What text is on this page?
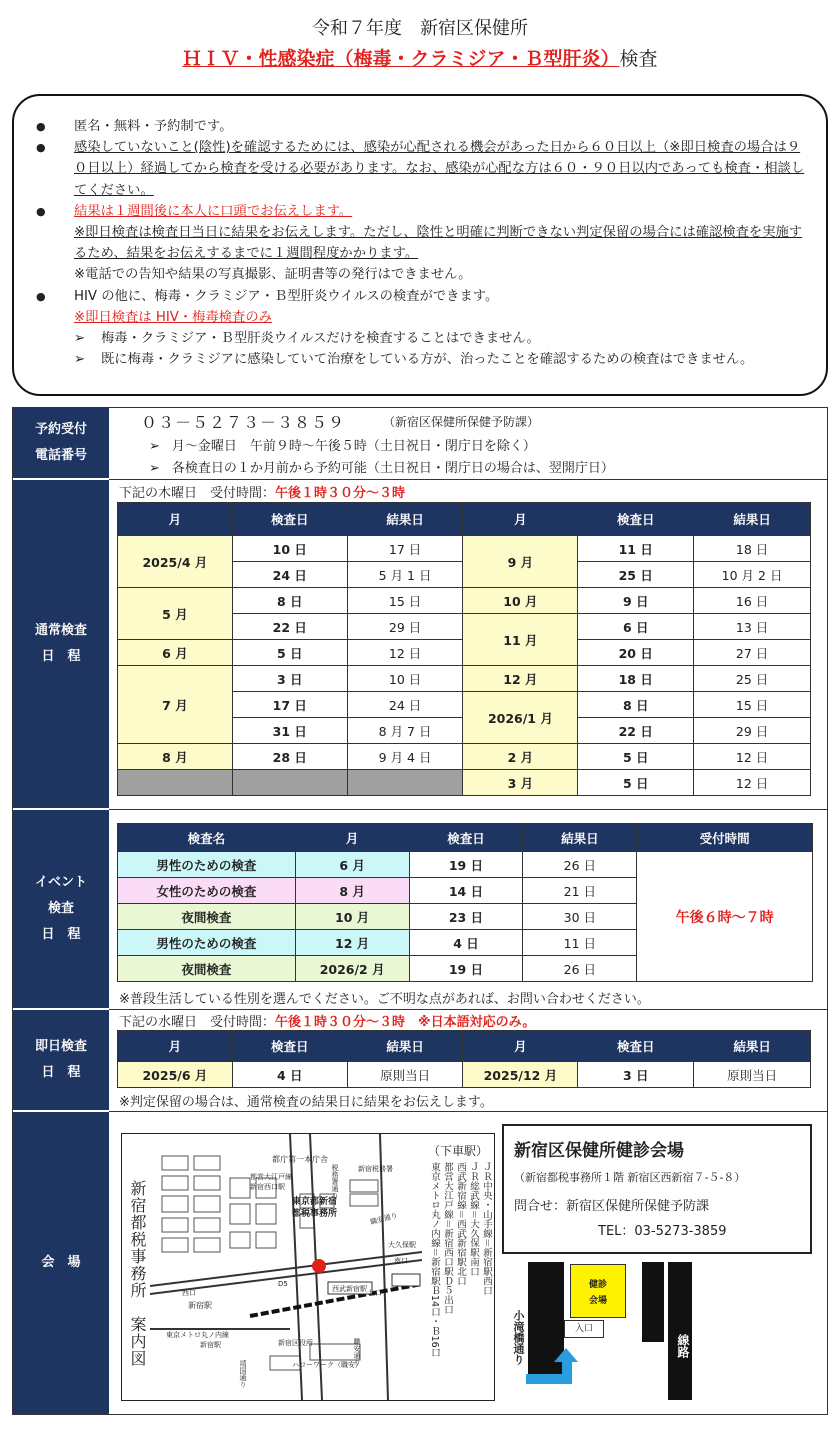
令和７年度　新宿区保健所
ＨＩＶ・性感染症（梅毒・クラミジア・Ｂ型肝炎）検査
●	匿名・無料・予約制です。
●	感染していないこと(陰性)を確認するためには、感染が心配される機会があった日から６０日以上（※即日検査の場合は９０日以上）経過してから検査を受ける必要があります。なお、感染が心配な方は６０・９０日以内であっても検査・相談してください。
●	結果は１週間後に本人に口頭でお伝えします。
※即日検査は検査日当日に結果をお伝えします。ただし、陰性と明確に判断できない判定保留の場合には確認検査を実施するため、結果をお伝えするまでに１週間程度かかります。
※電話での告知や結果の写真撮影、証明書等の発行はできません。
●	HIV の他に、梅毒・クラミジア・Ｂ型肝炎ウイルスの検査ができます。
※即日検査は HIV・梅毒検査のみ
➢	梅毒・クラミジア・Ｂ型肝炎ウイルスだけを検査することはできません。
➢	既に梅毒・クラミジアに感染していて治療をしている方が、治ったことを確認するための検査はできません。
予約受付
電話番号
０３－５２７３－３８５９	（新宿区保健所保健予防課）
➢ 月～金曜日　午前９時～午後５時（土日祝日・閉庁日を除く）
➢ 各検査日の１か月前から予約可能（土日祝日・閉庁日の場合は、翌開庁日）
通常検査
日　程
下記の木曜日　受付時間：午後１時３０分～３時
月	検査日	結果日	月	検査日	結果日
2025/4 月	10 日	17 日	9 月	11 日	18 日
	24 日	5 月 1 日		25 日	10 月 2 日
5 月	8 日	15 日	10 月	9 日	16 日
	22 日	29 日	11 月	6 日	13 日
6 月	5 日	12 日		20 日	27 日
7 月	3 日	10 日	12 月	18 日	25 日
	17 日	24 日	2026/1 月	8 日	15 日
	31 日	8 月 7 日		22 日	29 日
8 月	28 日	9 月 4 日	2 月	5 日	12 日
			3 月	5 日	12 日
イベント
検査
日　程
検査名	月	検査日	結果日	受付時間
男性のための検査	6 月	19 日	26 日	午後６時～７時
女性のための検査	8 月	14 日	21 日	
夜間検査	10 月	23 日	30 日	
男性のための検査	12 月	4 日	11 日	
夜間検査	2026/2 月	19 日	26 日	
※普段生活している性別を選んでください。ご不明な点があれば、お問い合わせください。
即日検査
日　程
下記の水曜日　受付時間：午後１時３０分～３時　※日本語対応のみ。
月	検査日	結果日	月	検査日	結果日
2025/6 月	4 日	原則当日	2025/12 月	3 日	原則当日
※判定保留の場合は、通常検査の結果日に結果をお伝えします。
会　場	新宿都税事務所　案内図
都庁第一本庁舎
都営大江戸線
新宿西口駅
東京都新宿
都税事務所
新宿税務署
職安通り
大久保駅
新宿駅
西口	西武新宿駅
東京メトロ丸ノ内線
新宿駅	新宿区役所
ハローワーク（職安）
靖国通り
職安通り
税務署通り
D5
北口
南口
（下車駅）
ＪＲ中央・山手線＝新宿駅西口
ＪＲ総武線＝大久保駅南口
西武新宿線＝西武新宿駅北口
都営大江戸線＝新宿西口駅Ｄ５出口
東京メトロ丸ノ内線＝新宿駅Ｂ14口・Ｂ16口
新宿区保健所健診会場
（新宿都税事務所１階 新宿区西新宿７-５-８）
問合せ：新宿区保健所保健予防課
TEL：03-5273-3859
小滝橋通り
健診会場
入口
線路
